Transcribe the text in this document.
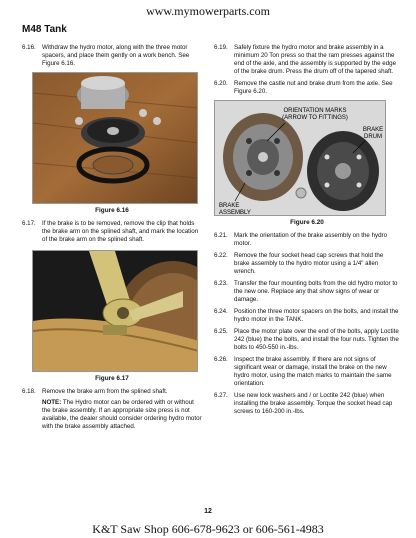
www.mymowerparts.com
M48 Tank
6.16.	Withdraw the hydro motor, along with the three motor spacers, and place them gently on a work bench. See Figure 6.16.
Figure 6.16
6.17.	If the brake is to be removed, remove the clip that holds the brake arm on the splined shaft, and mark the location of the brake arm on the splined shaft.
Figure 6.17
6.18.	Remove the brake arm from the splined shaft.
NOTE: The Hydro motor can be ordered with or without the brake assembly. If an appropriate size press is not available, the dealer should consider ordering hydro motor with the brake assembly attached.
6.19.	Safely fixture the hydro motor and brake assembly in a minimum 20 Ton press so that the ram presses against the end of the axle, and the assembly is supported by the edge of the brake drum. Press the drum off of the tapered shaft.
6.20.	Remove the castle nut and brake drum from the axle. See Figure 6.20.
ORIENTATION MARKS
(ARROW TO FITTINGS)
BRAKE
DRUM
BRAKE
ASSEMBLY
Figure 6.20
6.21.	Mark the orientation of the brake assembly on the hydro motor.
6.22.	Remove the four socket head cap screws that hold the brake assembly to the hydro motor using a 1/4" allen wrench.
6.23.	Transfer the four mounting bolts from the old hydro motor to the new one. Replace any that show signs of wear or damage.
6.24.	Position the three motor spacers on the bolts, and install the hydro motor in the TANK.
6.25.	Place the motor plate over the end of the bolts, apply Loctite 242 (blue) the the bolts, and install the four nuts. Tighten the bolts to 450-550 in.-lbs.
6.26.	Inspect the brake assembly. If there are not signs of significant wear or damage, install the brake on the new hydro motor, using the match marks to maintain the same orientation.
6.27.	Use new lock washers and / or Loctite 242 (blue) when installing the brake assembly. Torque the socket head cap screws to 160-200 in.-lbs.
12
K&T Saw Shop 606-678-9623 or 606-561-4983
